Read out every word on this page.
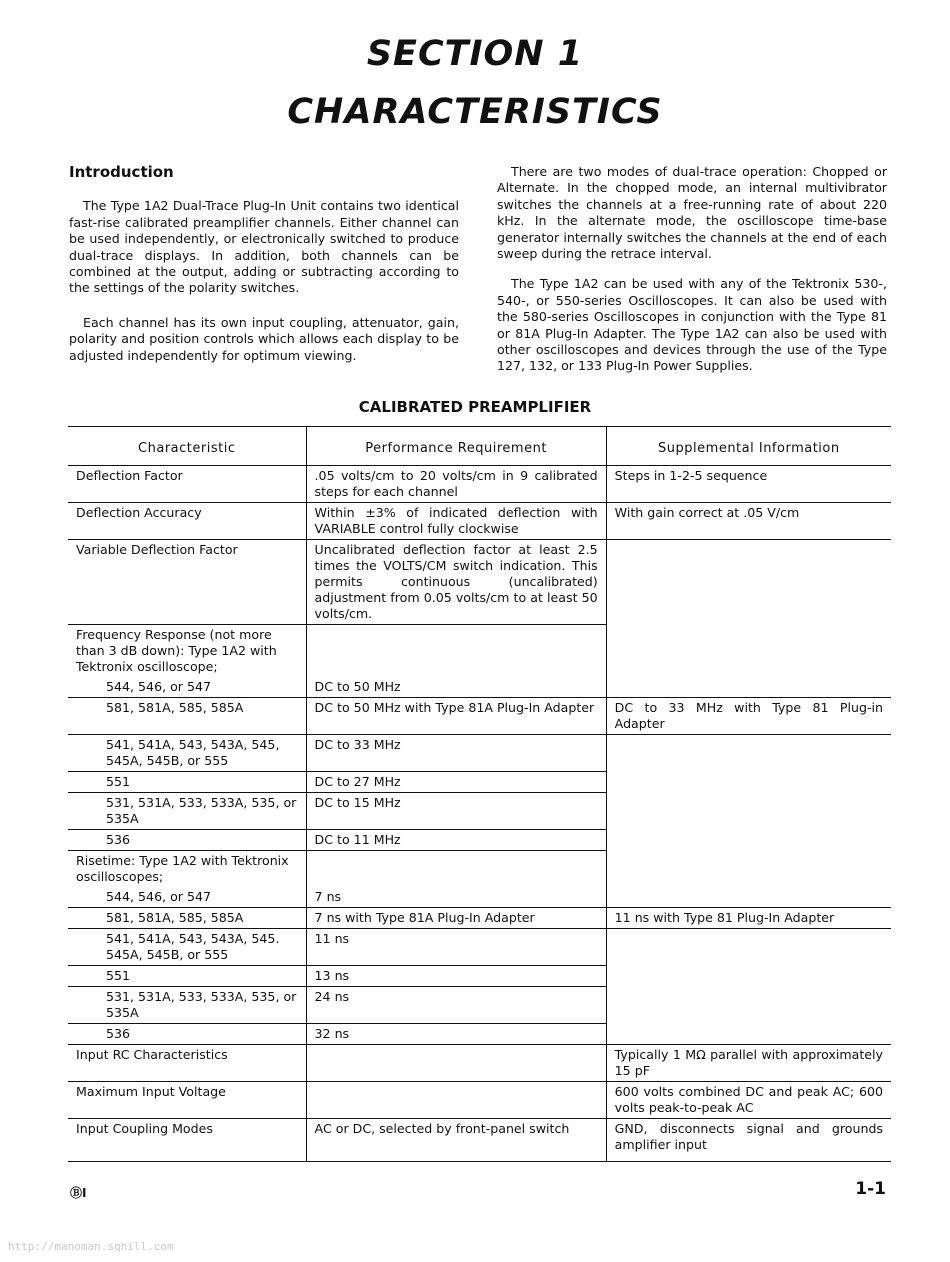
SECTION 1
CHARACTERISTICS
Introduction

The Type 1A2 Dual-Trace Plug-In Unit contains two identical fast-rise calibrated preamplifier channels. Either channel can be used independently, or electronically switched to produce dual-trace displays. In addition, both channels can be combined at the output, adding or subtracting according to the settings of the polarity switches.

Each channel has its own input coupling, attenuator, gain, polarity and position controls which allows each display to be adjusted independently for optimum viewing.

There are two modes of dual-trace operation: Chopped or Alternate. In the chopped mode, an internal multivibrator switches the channels at a free-running rate of about 220 kHz. In the alternate mode, the oscilloscope time-base generator internally switches the channels at the end of each sweep during the retrace interval.

The Type 1A2 can be used with any of the Tektronix 530-, 540-, or 550-series Oscilloscopes. It can also be used with the 580-series Oscilloscopes in conjunction with the Type 81 or 81A Plug-In Adapter. The Type 1A2 can also be used with other oscilloscopes and devices through the use of the Type 127, 132, or 133 Plug-In Power Supplies.

CALIBRATED PREAMPLIFIER
Characteristic	Performance Requirement	Supplemental Information
Deflection Factor	.05 volts/cm to 20 volts/cm in 9 calibrated steps for each channel	Steps in 1-2-5 sequence
Deflection Accuracy	Within ±3% of indicated deflection with VARIABLE control fully clockwise	With gain correct at .05 V/cm
Variable Deflection Factor	Uncalibrated deflection factor at least 2.5 times the VOLTS/CM switch indication. This permits continuous (uncalibrated) adjustment from 0.05 volts/cm to at least 50 volts/cm.	
Frequency Response (not more than 3 dB down): Type 1A2 with Tektronix oscilloscope;		
544, 546, or 547	DC to 50 MHz	
581, 581A, 585, 585A	DC to 50 MHz with Type 81A Plug-In Adapter	DC to 33 MHz with Type 81 Plug-in Adapter
541, 541A, 543, 543A, 545, 545A, 545B, or 555	DC to 33 MHz	
551	DC to 27 MHz	
531, 531A, 533, 533A, 535, or 535A	DC to 15 MHz	
536	DC to 11 MHz	
Risetime: Type 1A2 with Tektronix oscilloscopes;		
544, 546, or 547	7 ns	
581, 581A, 585, 585A	7 ns with Type 81A Plug-In Adapter	11 ns with Type 81 Plug-In Adapter
541, 541A, 543, 543A, 545. 545A, 545B, or 555	11 ns	
551	13 ns	
531, 531A, 533, 533A, 535, or 535A	24 ns	
536	32 ns	
Input RC Characteristics		Typically 1 MΩ parallel with approximately 15 pF
Maximum Input Voltage		600 volts combined DC and peak AC; 600 volts peak-to-peak AC
Input Coupling Modes	AC or DC, selected by front-panel switch	GND, disconnects signal and grounds amplifier input
ⒷI	1-1
http://manoman.sqhill.com
